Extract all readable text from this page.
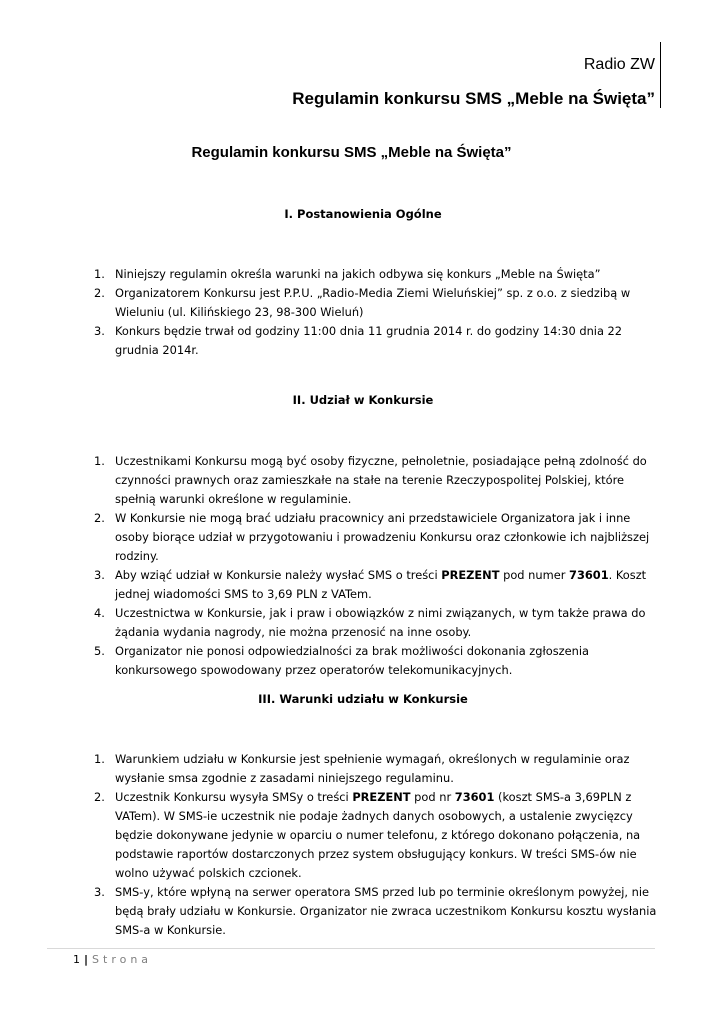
Radio ZW
Regulamin konkursu SMS „Meble na Święta”
Regulamin konkursu SMS „Meble na Święta”
I. Postanowienia Ogólne
1. Niniejszy regulamin określa warunki na jakich odbywa się konkurs „Meble na Święta”
2. Organizatorem Konkursu jest P.P.U. „Radio-Media Ziemi Wieluńskiej” sp. z o.o. z siedzibą w Wieluniu (ul. Kilińskiego 23, 98-300 Wieluń)
3. Konkurs będzie trwał od godziny 11:00 dnia 11 grudnia 2014 r. do godziny 14:30 dnia 22 grudnia 2014r.
II. Udział w Konkursie
1. Uczestnikami Konkursu mogą być osoby fizyczne, pełnoletnie, posiadające pełną zdolność do czynności prawnych oraz zamieszkałe na stałe na terenie Rzeczypospolitej Polskiej, które spełnią warunki określone w regulaminie.
2. W Konkursie nie mogą brać udziału pracownicy ani przedstawiciele Organizatora jak i inne osoby biorące udział w przygotowaniu i prowadzeniu Konkursu oraz członkowie ich najbliższej rodziny.
3. Aby wziąć udział w Konkursie należy wysłać SMS o treści PREZENT pod numer 73601. Koszt jednej wiadomości SMS to 3,69 PLN z VATem.
4. Uczestnictwa w Konkursie, jak i praw i obowiązków z nimi związanych, w tym także prawa do żądania wydania nagrody, nie można przenosić na inne osoby.
5. Organizator nie ponosi odpowiedzialności za brak możliwości dokonania zgłoszenia konkursowego spowodowany przez operatorów telekomunikacyjnych.
III. Warunki udziału w Konkursie
1. Warunkiem udziału w Konkursie jest spełnienie wymagań, określonych w regulaminie oraz wysłanie smsa zgodnie z zasadami niniejszego regulaminu.
2. Uczestnik Konkursu wysyła SMSy o treści PREZENT pod nr 73601 (koszt SMS-a 3,69PLN z VATem). W SMS-ie uczestnik nie podaje żadnych danych osobowych, a ustalenie zwycięzcy będzie dokonywane jedynie w oparciu o numer telefonu, z którego dokonano połączenia, na podstawie raportów dostarczonych przez system obsługujący konkurs. W treści SMS-ów nie wolno używać polskich czcionek.
3. SMS-y, które wpłyną na serwer operatora SMS przed lub po terminie określonym powyżej, nie będą brały udziału w Konkursie. Organizator nie zwraca uczestnikom Konkursu kosztu wysłania SMS-a w Konkursie.
1 | Strona
